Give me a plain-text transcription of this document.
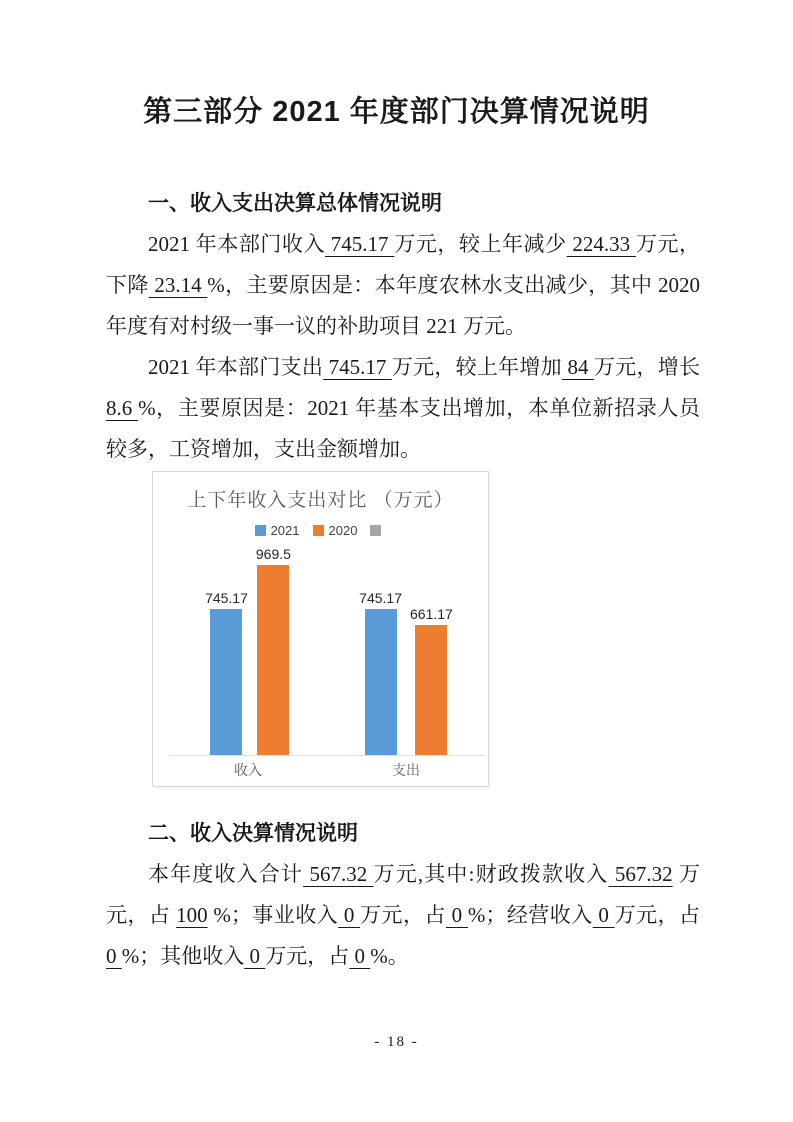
第三部分 2021 年度部门决算情况说明
一、收入支出决算总体情况说明

2021 年本部门收入 745.17 万元，较上年减少 224.33 万元，下降 23.14 %，主要原因是：本年度农林水支出减少，其中 2020 年度有对村级一事一议的补助项目 221 万元。

2021 年本部门支出 745.17 万元，较上年增加 84 万元，增长 8.6 %，主要原因是：2021 年基本支出增加，本单位新招录人员较多，工资增加，支出金额增加。

上下年收入支出对比 （万元）
2021 2020
745.17
969.5
745.17
661.17
收入	支出
二、收入决算情况说明

本年度收入合计 567.32 万元,其中:财政拨款收入 567.32 万元，占 100 %；事业收入 0 万元，占 0 %；经营收入 0 万元，占 0 %；其他收入 0 万元，占 0 %。

- 18 -
